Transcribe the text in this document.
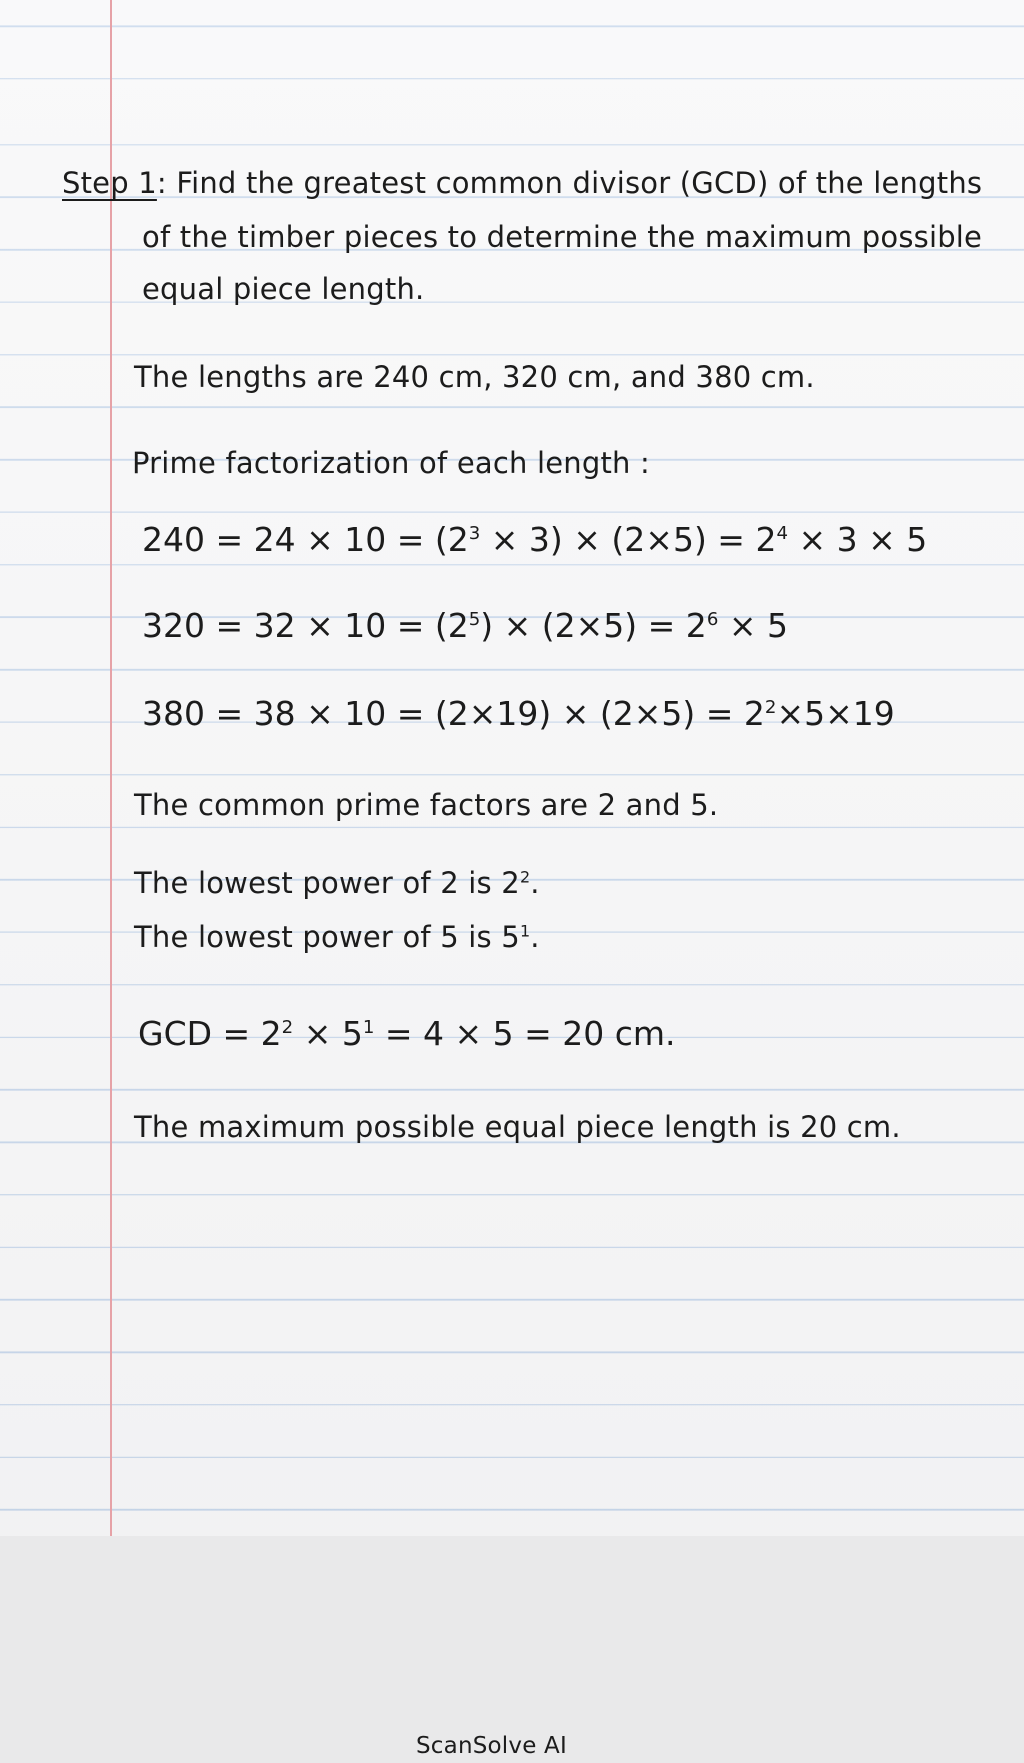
Step 1: Find the greatest common divisor (GCD) of the lengths
of the timber pieces to determine the maximum possible
equal piece length.
The lengths are 240 cm, 320 cm, and 380 cm.
Prime factorization of each length :
$240 = 24 \times 10 = (2^3 \times 3) \times (2\times 5) = 2^4 \times 3 \times 5$
$320 = 32 \times 10 = (2^5) \times (2\times 5) = 2^6 \times 5$
$380 = 38 \times 10 = (2\times 19) \times (2\times 5) = 2^2\times 5\times 19$
The common prime factors are 2 and 5.
The lowest power of 2 is $2^2$.
The lowest power of 5 is $5^1$.
GCD = $2^2 \times 5^1 = 4 \times 5 = 20$ cm.
The maximum possible equal piece length is 20 cm.
ScanSolve AI
